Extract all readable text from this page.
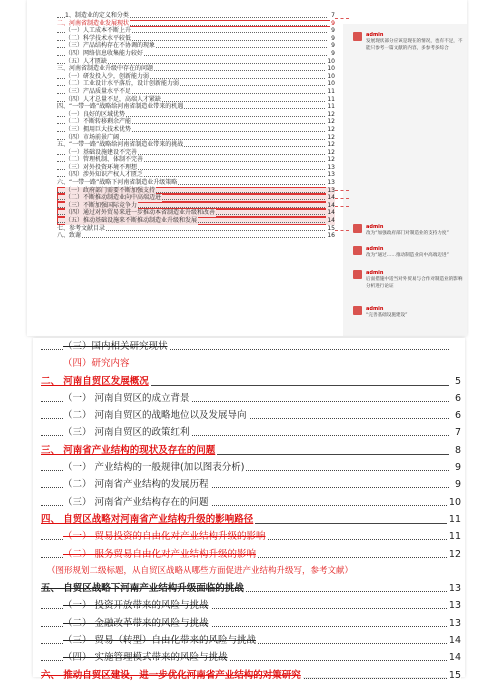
1、制造业的定义和分类	7
二、河南省制造业发展现状	9
（一）人工成本不断上升	9
（二）科学技术水平较低	9
（三）产品结构存在不协调的现象	9
（四）网络信息收集能力较好	9
（五）人才匮缺	10
三、河南省制造业升级中存在的问题	10
（一）研发投入少，创新能力弱	10
（二）工业设计水平落后，设计创新能力弱	10
（三）产品质量水平不足	11
（四）人才总量不足，高端人才紧缺	11
四、“一带一路”战略给河南省制造业带来的机遇	11
（一）良好的区域优势	12
（二）不断转移剩余产能	12
（三）拥用巨大技术优势	12
（四）市场前景广阔	12
五、“一带一路”战略给河南省制造业带来的挑战	12
（一）基础设施建设不完善	12
（二）管理机制、体制不完善	12
（三）对外投资环境不理想	13
（四）涉外知识产权人才匮乏	13
六、“一带一路”战略下河南省制造业升级策略	13
（一）政府部门需要不断加强支持	13
（二）不断推动制造业向中高端迈进	14
（三）不断加强国际竞争力	14
（四）通过对外贸易来进一步推动本省制造业升级和改善	14
（五）推动基础设施来不断推动制造业升级和发展	14
七、参考文献目录	15
八、致谢	16
admin
发展现状部分应该是现在的情况，也有不足，不能只参考一篇文献的内容，多参考多综合
admin
改为“加强政府部门对制造业的支持力度”
admin
改为“通过……推动制造业向中高端迈进”
admin
后面措施中适当对外贸易与合作对制造业的影响分析进行论证
admin
“完善基础设施建设”
（三）国内相关研究现状
（四）研究内容
二、 河南自贸区发展概况	5
（一） 河南自贸区的成立背景	6
（二） 河南自贸区的战略地位以及发展导向	6
（三） 河南自贸区的政策红利	7
三、 河南省产业结构的现状及存在的问题	8
（一） 产业结构的一般规律(加以图表分析)	9
（二） 河南省产业结构的发展历程	9
（三） 河南省产业结构存在的问题	10
四、 自贸区战略对河南省产业结构升级的影响路径	11
（一） 贸易投资的自由化对产业结构升级的影响	11
（二） 服务贸易自由化对产业结构升级的影响	12
（图形规划二级标题，从自贸区战略从哪些方面促进产业结构升级写，参考文献）
五、 自贸区战略下河南产业结构升级面临的挑战	13
（一） 投资开放带来的风险与挑战	13
（二） 金融改革带来的风险与挑战	13
（三） 贸易（转型）自由化带来的风险与挑战	14
（四） 实施管理模式带来的风险与挑战	14
六、 推动自贸区建设，进一步优化河南省产业结构的对策研究	15
